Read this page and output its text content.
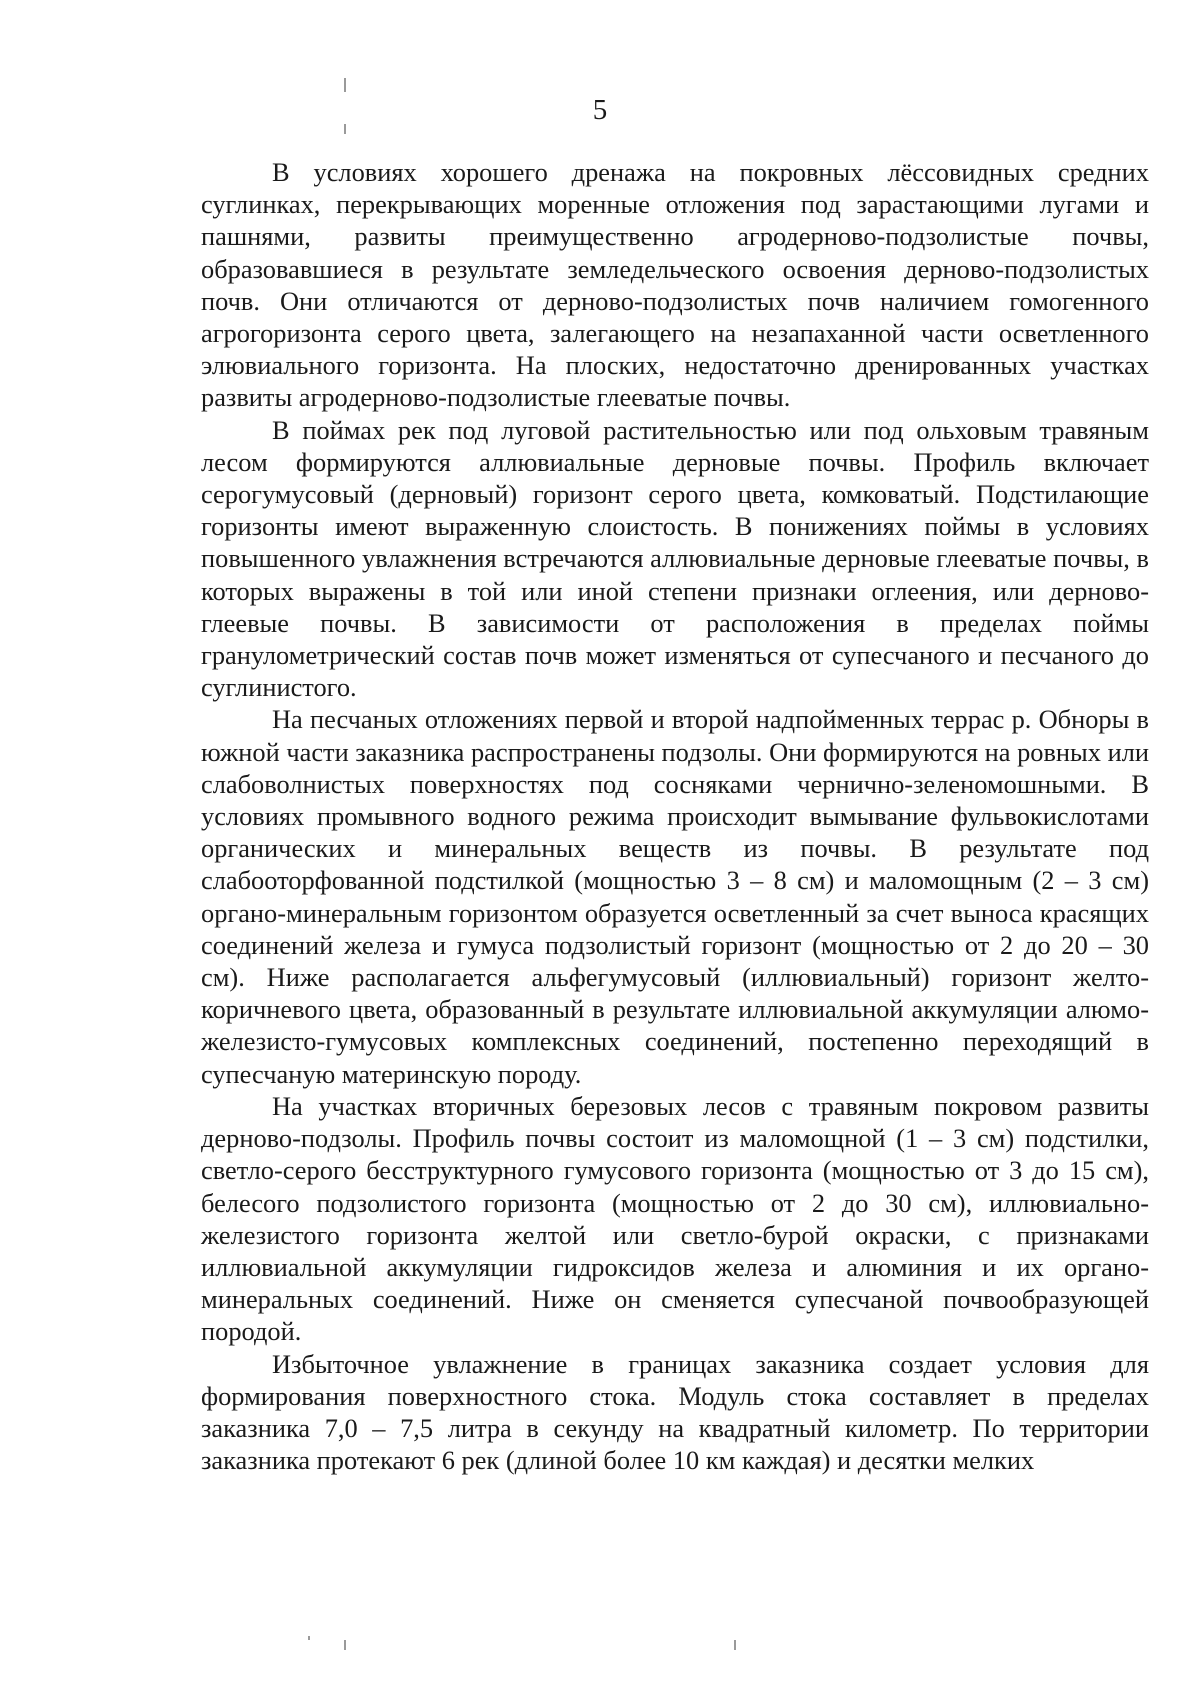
5

В условиях хорошего дренажа на покровных лёссовидных средних суглинках, перекрывающих моренные отложения под зарастающими лугами и пашнями, развиты преимущественно агродерново-подзолистые почвы, образовавшиеся в результате земледельческого освоения дерново-подзолистых почв. Они отличаются от дерново-подзолистых почв наличием гомогенного агрогоризонта серого цвета, залегающего на незапаханной части осветленного элювиального горизонта. На плоских, недостаточно дренированных участках развиты агродерново-подзолистые глееватые почвы.

В поймах рек под луговой растительностью или под ольховым травяным лесом формируются аллювиальные дерновые почвы. Профиль включает серогумусовый (дерновый) горизонт серого цвета, комковатый. Подстилающие горизонты имеют выраженную слоистость. В понижениях поймы в условиях повышенного увлажнения встречаются аллювиальные дерновые глееватые почвы, в которых выражены в той или иной степени признаки оглеения, или дерново-глеевые почвы. В зависимости от расположения в пределах поймы гранулометрический состав почв может изменяться от супесчаного и песчаного до суглинистого.

На песчаных отложениях первой и второй надпойменных террас р. Обноры в южной части заказника распространены подзолы. Они формируются на ровных или слабоволнистых поверхностях под сосняками чернично-зеленомошными. В условиях промывного водного режима происходит вымывание фульвокислотами органических и минеральных веществ из почвы. В результате под слабооторфованной подстилкой (мощностью 3 – 8 см) и маломощным (2 – 3 см) органо-минеральным горизонтом образуется осветленный за счет выноса красящих соединений железа и гумуса подзолистый горизонт (мощностью от 2 до 20 – 30 см). Ниже располагается альфегумусовый (иллювиальный) горизонт желто-коричневого цвета, образованный в результате иллювиальной аккумуляции алюмо-железисто-гумусовых комплексных соединений, постепенно переходящий в супесчаную материнскую породу.

На участках вторичных березовых лесов с травяным покровом развиты дерново-подзолы. Профиль почвы состоит из маломощной (1 – 3 см) подстилки, светло-серого бесструктурного гумусового горизонта (мощностью от 3 до 15 см), белесого подзолистого горизонта (мощностью от 2 до 30 см), иллювиально-железистого горизонта желтой или светло-бурой окраски, с признаками иллювиальной аккумуляции гидроксидов железа и алюминия и их органо-минеральных соединений. Ниже он сменяется супесчаной почвообразующей породой.

Избыточное увлажнение в границах заказника создает условия для формирования поверхностного стока. Модуль стока составляет в пределах заказника 7,0 – 7,5 литра в секунду на квадратный километр. По территории заказника протекают 6 рек (длиной более 10 км каждая) и десятки мелких
